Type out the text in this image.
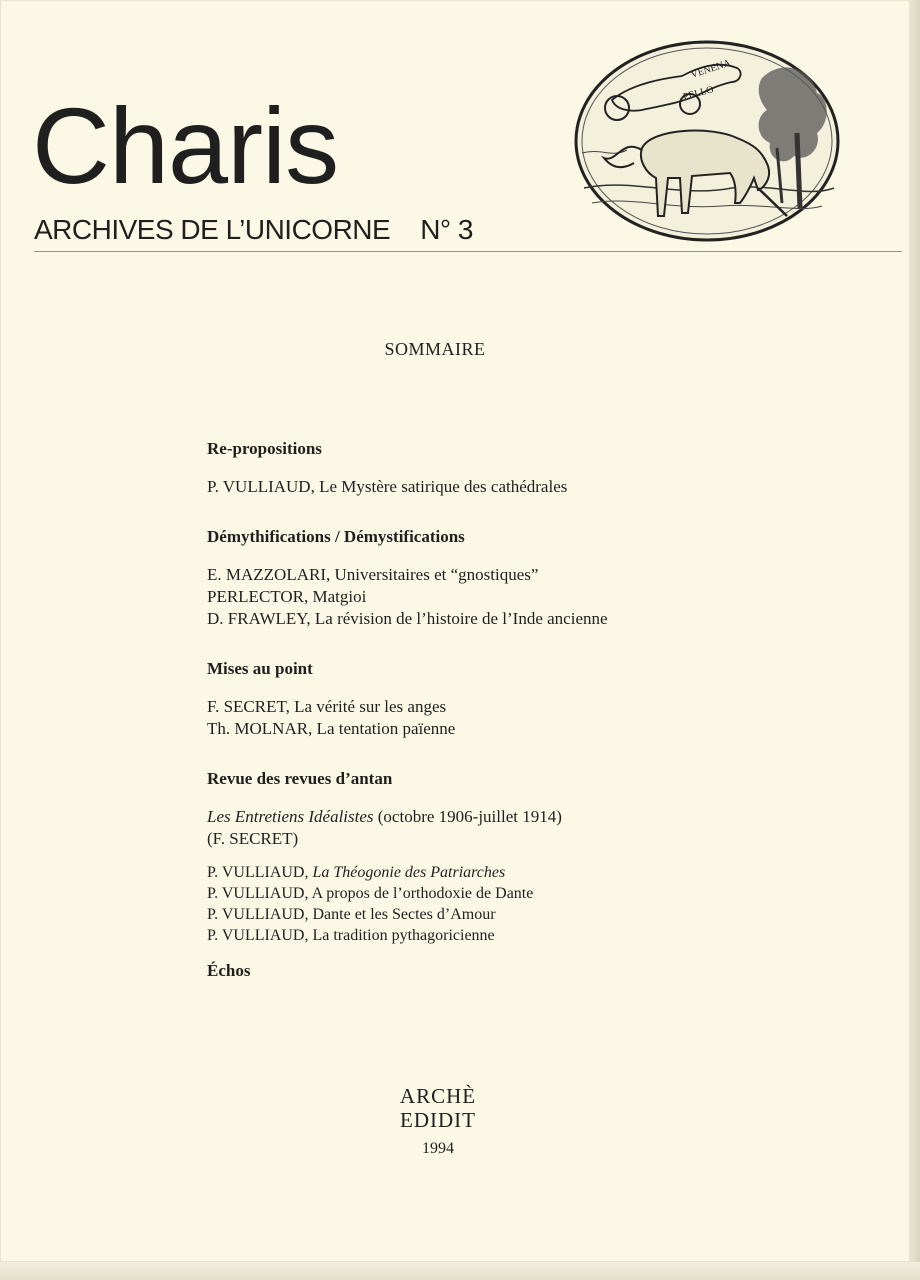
Charis
ARCHIVES DE L’UNICORNE N° 3
VENENA
PELLO
SOMMAIRE

Re-propositions

P. VULLIAUD, Le Mystère satirique des cathédrales

Démythifications / Démystifications

E. MAZZOLARI, Universitaires et “gnostiques”
PERLECTOR, Matgioi
D. FRAWLEY, La révision de l’histoire de l’Inde ancienne

Mises au point

F. SECRET, La vérité sur les anges
Th. MOLNAR, La tentation païenne

Revue des revues d’antan

Les Entretiens Idéalistes (octobre 1906-juillet 1914)
(F. SECRET)
P. VULLIAUD, La Théogonie des Patriarches
P. VULLIAUD, A propos de l’orthodoxie de Dante
P. VULLIAUD, Dante et les Sectes d’Amour
P. VULLIAUD, La tradition pythagoricienne

Échos

ARCHÈ
EDIDIT
1994
